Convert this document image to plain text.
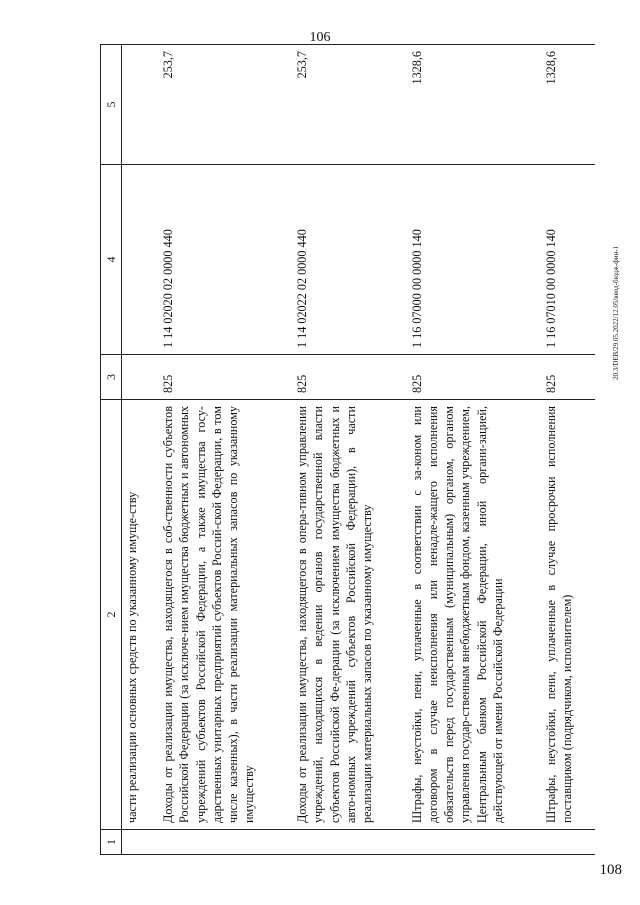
106
20.3/DEB/29.05.2022/12.05/ввод-бюдж-фин-1
1	2	3	4	5
	части реализации основных средств по указанному имуще-ству			
	Доходы от реализации имущества, находящегося в соб-ственности субъектов Российской Федерации (за исключе-нием имущества бюджетных и автономных учреждений субъектов Российской Федерации, а также имущества госу-дарственных унитарных предприятий субъектов Россий-ской Федерации, в том числе казенных), в части реализации материальных запасов по указанному имуществу	825	1 14 02020 02 0000 440	253,7
	Доходы от реализации имущества, находящегося в опера-тивном управлении учреждений, находящихся в ведении органов государственной власти субъектов Российской Фе-дерации (за исключением имущества бюджетных и авто-номных учреждений субъектов Российской Федерации), в части реализации материальных запасов по указанному имуществу	825	1 14 02022 02 0000 440	253,7
	Штрафы, неустойки, пени, уплаченные в соответствии с за-коном или договором в случае неисполнения или ненадле-жащего исполнения обязательств перед государственным (муниципальным) органом, органом управления государ-ственным внебюджетным фондом, казенным учреждением, Центральным банком Российской Федерации, иной органи-зацией, действующей от имени Российской Федерации	825	1 16 07000 00 0000 140	1328,6
	Штрафы, неустойки, пени, уплаченные в случае просрочки исполнения поставщиком (подрядчиком, исполнителем)	825	1 16 07010 00 0000 140	1328,6
108
